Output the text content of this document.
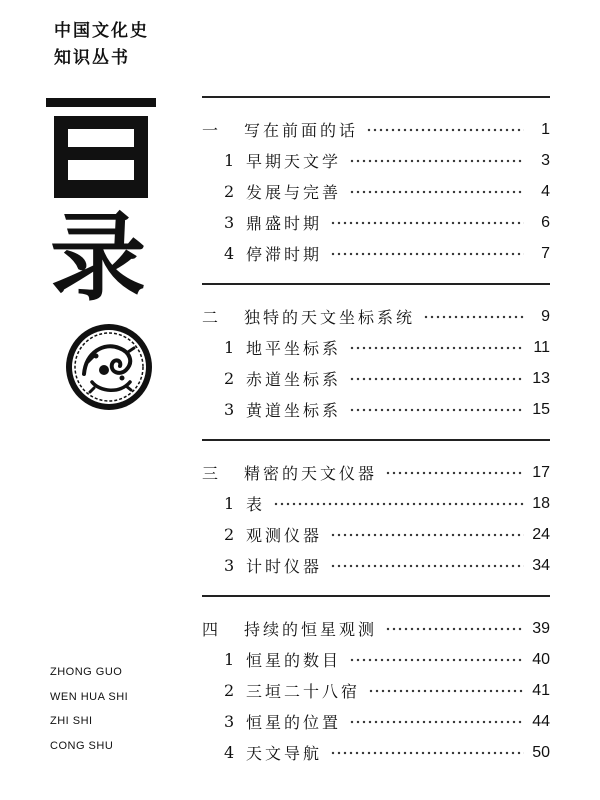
中国文化史
知识丛书
录
ZHONG GUO
WEN HUA SHI
ZHI SHI
CONG SHU
一	写在前面的话	1
1 早期天文学	3
2 发展与完善	4
3 鼎盛时期	6
4 停滞时期	7
二	独特的天文坐标系统	9
1 地平坐标系	11
2 赤道坐标系	13
3 黄道坐标系	15
三	精密的天文仪器	17
1 表	18
2 观测仪器	24
3 计时仪器	34
四	持续的恒星观测	39
1 恒星的数目	40
2 三垣二十八宿	41
3 恒星的位置	44
4 天文导航	50
